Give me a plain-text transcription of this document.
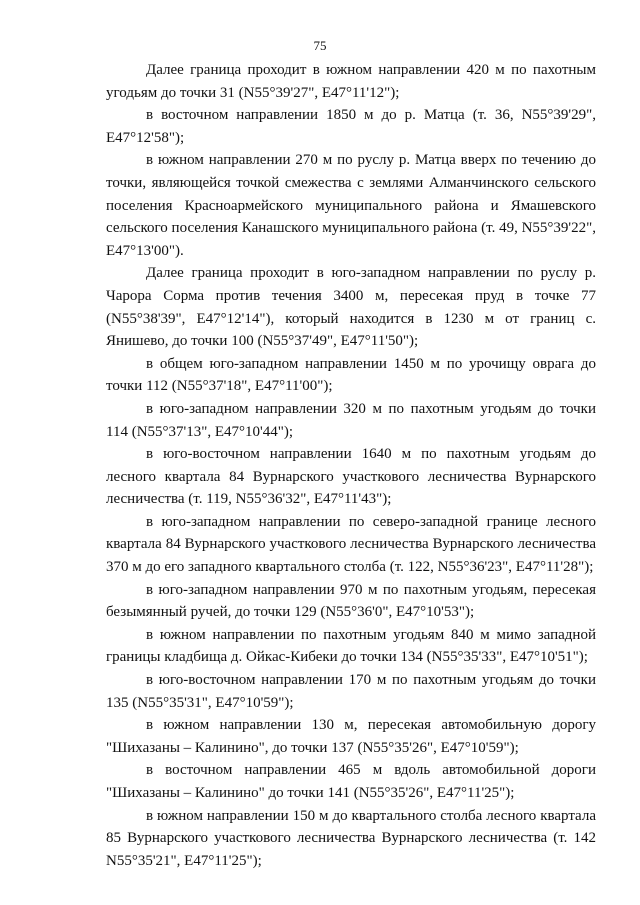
75

Далее граница проходит в южном направлении 420 м по пахотным угодьям до точки 31 (N55°39'27", E47°11'12");

в восточном направлении 1850 м до р. Матца (т. 36, N55°39'29", E47°12'58");

в южном направлении 270 м по руслу р. Матца вверх по течению до точки, являющейся точкой смежества с землями Алманчинского сельского поселения Красноармейского муниципального района и Ямашевского сельского поселения Канашского муниципального района (т. 49, N55°39'22", E47°13'00").

Далее граница проходит в юго-западном направлении по руслу р. Чарора Сорма против течения 3400 м, пересекая пруд в точке 77 (N55°38'39", E47°12'14"), который находится в 1230 м от границ с. Янишево, до точки 100 (N55°37'49", E47°11'50");

в общем юго-западном направлении 1450 м по урочищу оврага до точки 112 (N55°37'18", E47°11'00");

в юго-западном направлении 320 м по пахотным угодьям до точки 114 (N55°37'13", E47°10'44");

в юго-восточном направлении 1640 м по пахотным угодьям до лесного квартала 84 Вурнарского участкового лесничества Вурнарского лесничества (т. 119, N55°36'32", E47°11'43");

в юго-западном направлении по северо-западной границе лесного квартала 84 Вурнарского участкового лесничества Вурнарского лесничества 370 м до его западного квартального столба (т. 122, N55°36'23", E47°11'28");

в юго-западном направлении 970 м по пахотным угодьям, пересекая безымянный ручей, до точки 129 (N55°36'0", E47°10'53");

в южном направлении по пахотным угодьям 840 м мимо западной границы кладбища д. Ойкас-Кибеки до точки 134 (N55°35'33", E47°10'51");

в юго-восточном направлении 170 м по пахотным угодьям до точки 135 (N55°35'31", E47°10'59");

в южном направлении 130 м, пересекая автомобильную дорогу "Шихазаны – Калинино", до точки 137 (N55°35'26", E47°10'59");

в восточном направлении 465 м вдоль автомобильной дороги "Шихазаны – Калинино" до точки 141 (N55°35'26", E47°11'25");

в южном направлении 150 м до квартального столба лесного квартала 85 Вурнарского участкового лесничества Вурнарского лесничества (т. 142 N55°35'21", E47°11'25");
